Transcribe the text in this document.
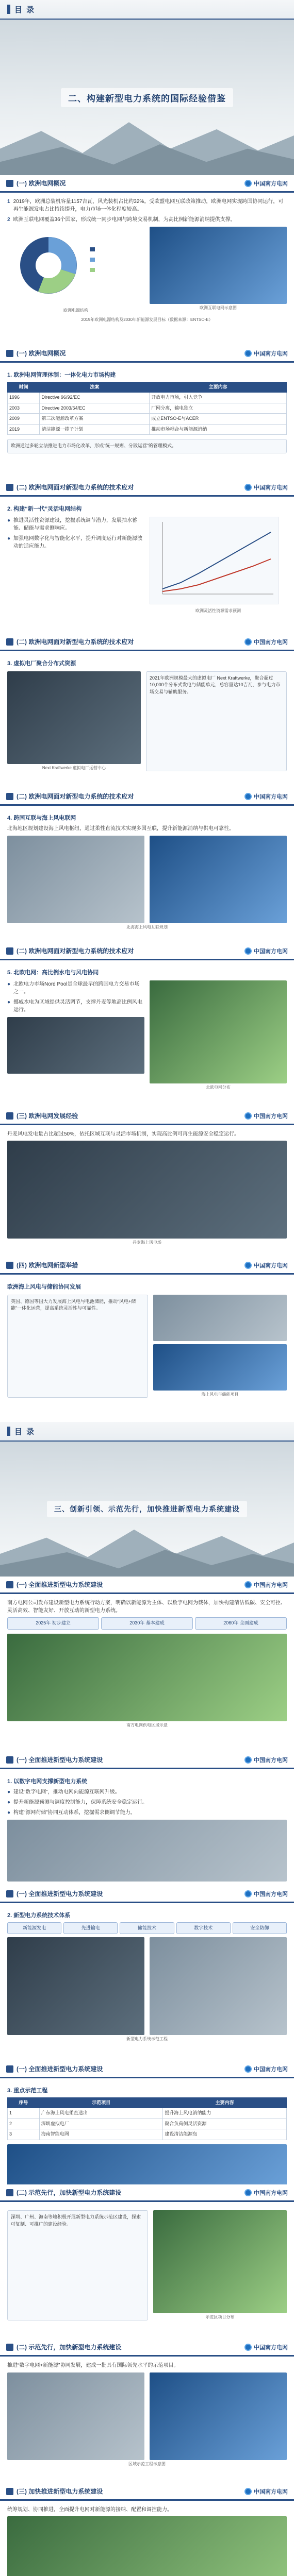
目 录
二、构建新型电力系统的国际经验借鉴
(一) 欧洲电网概况	中国南方电网
1 2019年，欧洲总装机容量1157吉瓦，风光装机占比约32%。受欧盟电网互联政策推动，欧洲电网实现跨国协同运行，可再生能源发电占比持续提升，电力市场一体化程度较高。
2 欧洲互联电网覆盖36个国家，形成统一同步电网与跨境交易机制，为高比例新能源消纳提供支撑。
欧洲电源结构
欧洲互联电网示意图
2019年欧洲电源结构及2030年新能源发展目标（数据来源：ENTSO-E）
(一) 欧洲电网概况	中国南方电网
1. 欧洲电网管理体制：一体化电力市场构建
时间	法案	主要内容
1996	Directive 96/92/EC	开放电力市场，引入竞争
2003	Directive 2003/54/EC	厂网分离，输电独立
2009	第三次能源改革方案	成立ENTSO-E与ACER
2019	清洁能源一揽子计划	推动市场耦合与新能源消纳
欧洲通过多轮立法推进电力市场化改革，形成“统一规则、分散运营”的管理模式。
(二) 欧洲电网面对新型电力系统的技术应对	中国南方电网
2. 构建“新一代”灵活电网结构
● 推进灵活性资源建设，挖掘系统调节潜力，发展抽水蓄能、储能与需求侧响应。
● 加强电网数字化与智能化水平，提升调度运行对新能源波动的适应能力。
欧洲灵活性资源需求预测
(二) 欧洲电网面对新型电力系统的技术应对	中国南方电网
3. 虚拟电厂聚合分布式资源
Next Kraftwerke 虚拟电厂运营中心
2021年欧洲规模最大的虚拟电厂 Next Kraftwerke，聚合超过10,000个分布式发电与储能单元，总容量达10吉瓦，参与电力市场交易与辅助服务。
(二) 欧洲电网面对新型电力系统的技术应对	中国南方电网
4. 跨国互联与海上风电联网
北海地区规划建设海上风电枢纽，通过柔性直流技术实现多国互联，提升新能源消纳与供电可靠性。
北海海上风电互联规划
(二) 欧洲电网面对新型电力系统的技术应对	中国南方电网
5. 北欧电网：高比例水电与风电协同
● 北欧电力市场Nord Pool是全球最早的跨国电力交易市场之一。
● 挪威水电为区域提供灵活调节，支撑丹麦等地高比例风电运行。
北欧电网分布
(三) 欧洲电网发展经验	中国南方电网
丹麦风电发电量占比超过50%，依托区域互联与灵活市场机制，实现高比例可再生能源安全稳定运行。
丹麦海上风电场
(四) 欧洲电网新型举措	中国南方电网
欧洲海上风电与储能协同发展
英国、德国等国大力发展海上风电与电池储能，推动“风电+储能”一体化运营，提高系统灵活性与可靠性。
海上风电与储能项目
目 录
三、创新引领、示范先行，加快推进新型电力系统建设
(一) 全面推进新型电力系统建设	中国南方电网
南方电网公司发布建设新型电力系统行动方案，明确以新能源为主体、以数字电网为载体，加快构建清洁低碳、安全可控、灵活高效、智能友好、开放互动的新型电力系统。
2025年 初步建立	2030年 基本建成	2060年 全面建成
南方电网供电区域示意
(一) 全面推进新型电力系统建设	中国南方电网
1. 以数字电网支撑新型电力系统
● 建设“数字电网”，推动电网向能源互联网升级。
● 提升新能源预测与调度控制能力，保障系统安全稳定运行。
● 构建“源网荷储”协同互动体系，挖掘需求侧调节能力。
(一) 全面推进新型电力系统建设	中国南方电网
2. 新型电力系统技术体系
新能源发电	先进输电	储能技术	数字技术	安全防御
新型电力系统示范工程
(一) 全面推进新型电力系统建设	中国南方电网
3. 重点示范工程
序号	示范项目	主要内容
1	广东海上风电柔直送出	提升海上风电消纳能力
2	深圳虚拟电厂	聚合负荷侧灵活资源
3	海南智能电网	建设清洁能源岛
(二) 示范先行，加快新型电力系统建设	中国南方电网
深圳、广州、海南等地积极开展新型电力系统示范区建设，探索可复制、可推广的建设经验。
示范区项目分布
(二) 示范先行，加快新型电力系统建设	中国南方电网
推进“数字电网+新能源”协同发展，建成一批具有国际领先水平的示范项目。
区域示范工程示意图
(三) 加快推进新型电力系统建设	中国南方电网
统筹规划、协同推进，全面提升电网对新能源的接纳、配置和调控能力。
